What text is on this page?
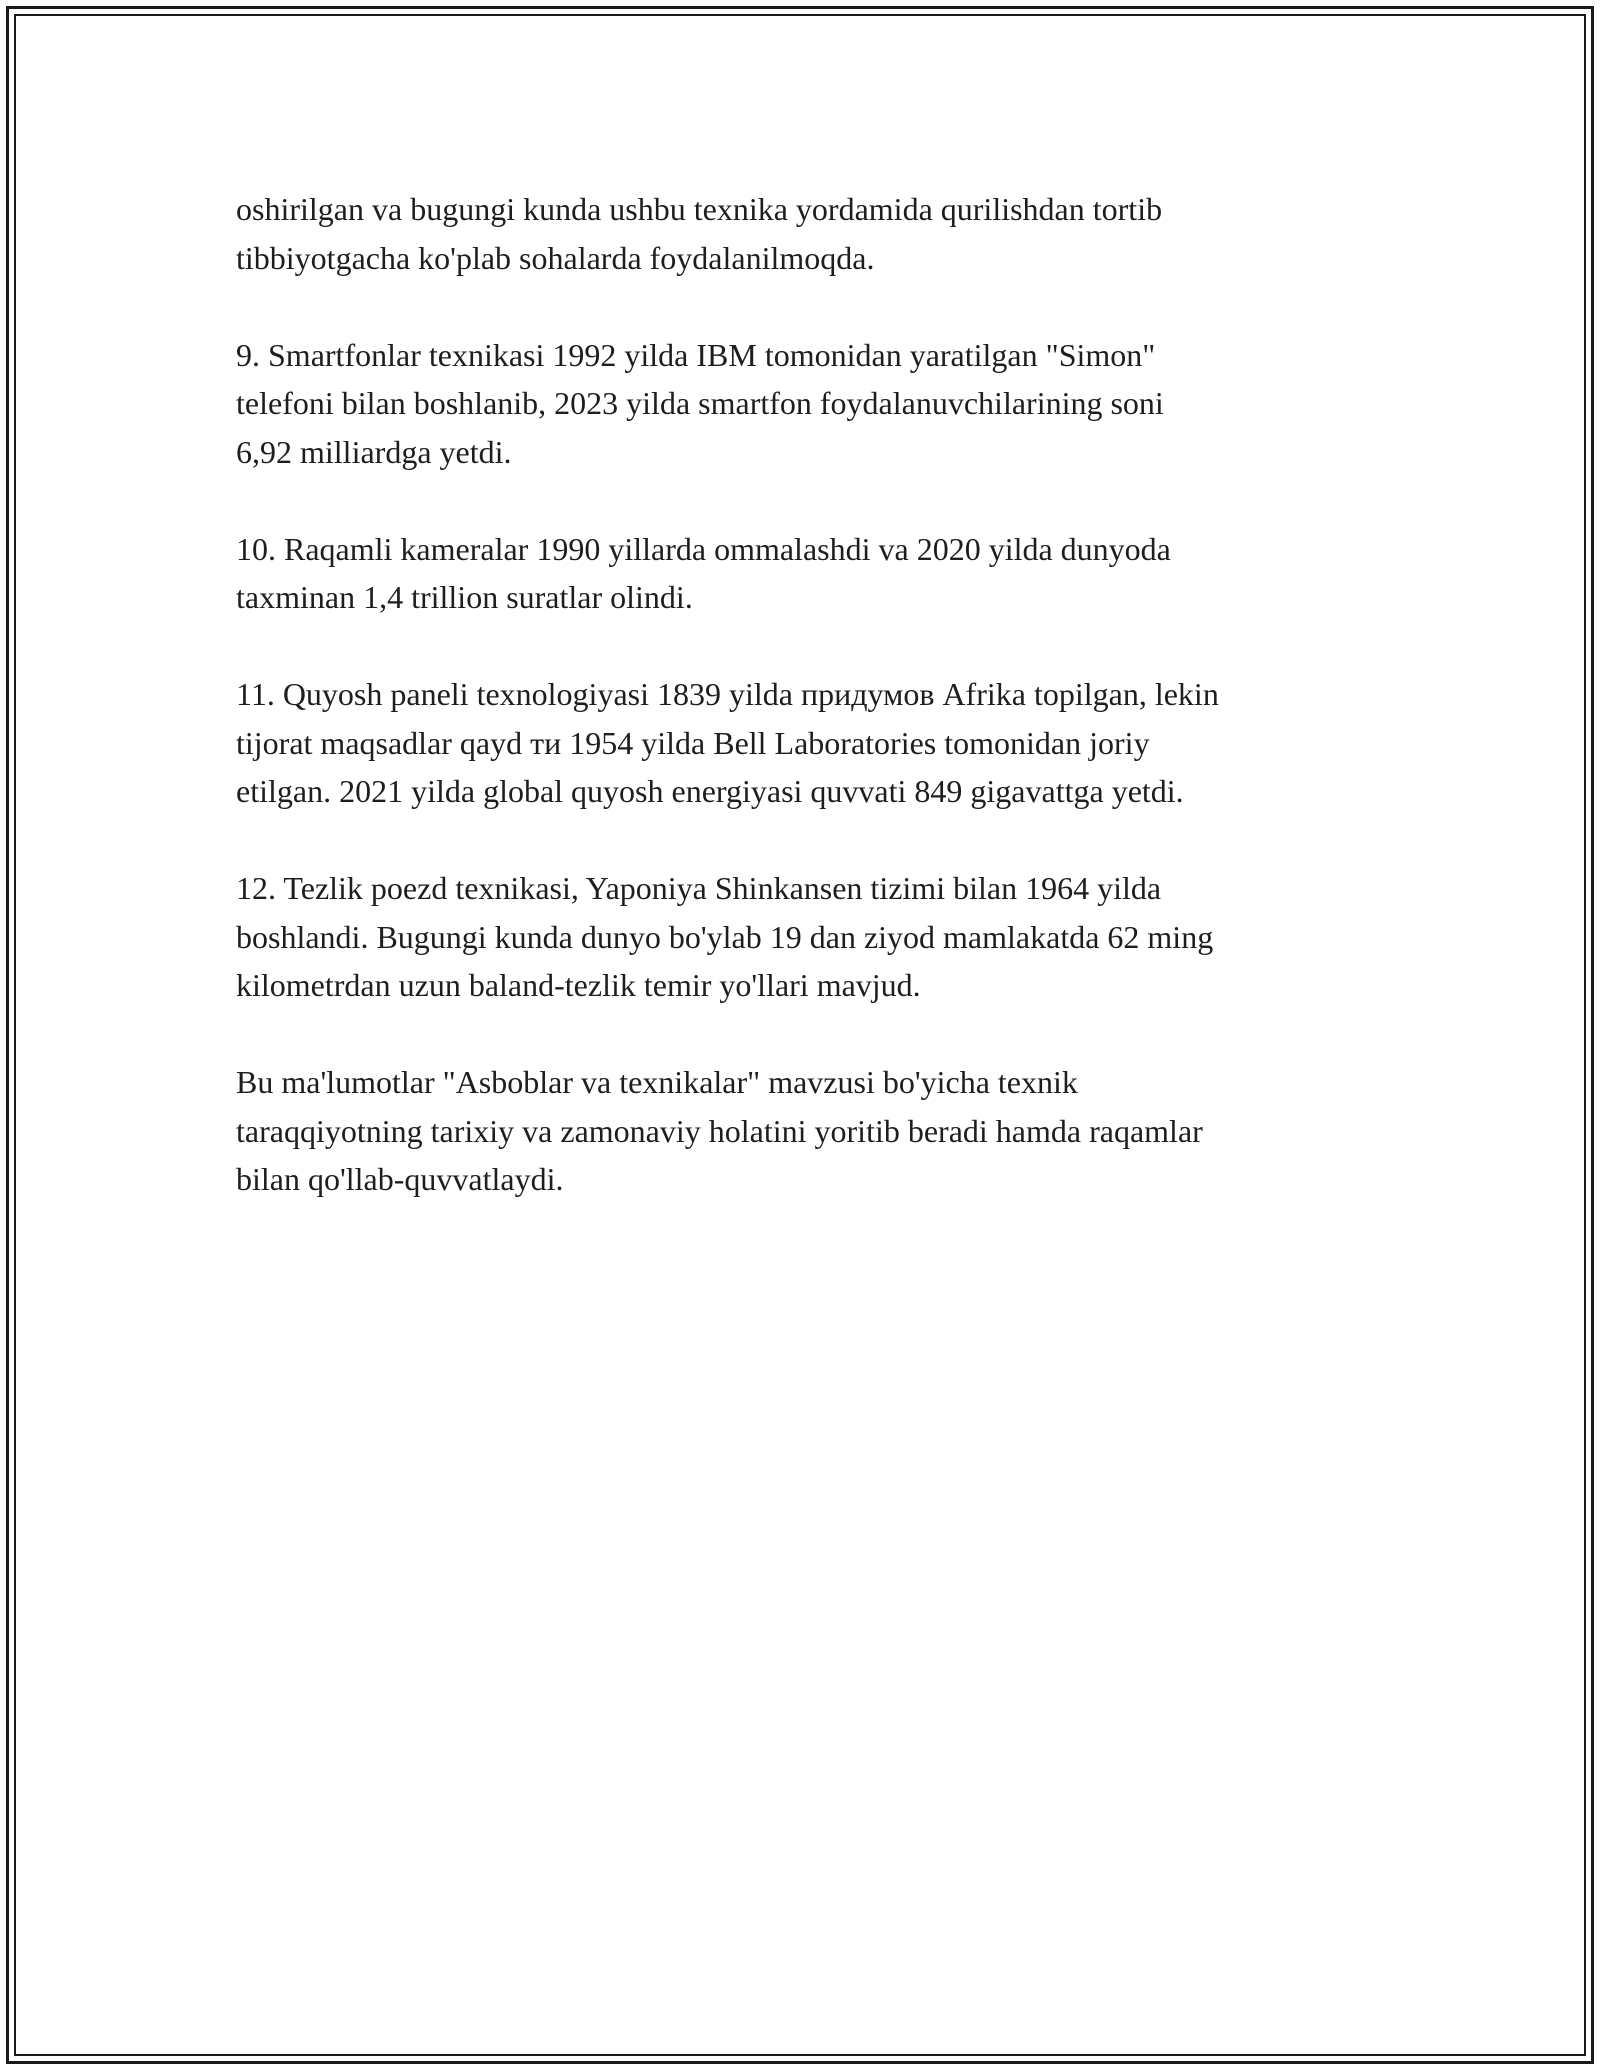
oshirilgan va bugungi kunda ushbu texnika yordamida qurilishdan tortib
tibbiyotgacha ko'plab sohalarda foydalanilmoqda.

9. Smartfonlar texnikasi 1992 yilda IBM tomonidan yaratilgan "Simon"
telefoni bilan boshlanib, 2023 yilda smartfon foydalanuvchilarining soni
6,92 milliardga yetdi.

10. Raqamli kameralar 1990 yillarda ommalashdi va 2020 yilda dunyoda
taxminan 1,4 trillion suratlar olindi.

11. Quyosh paneli texnologiyasi 1839 yilda придумов Afrika topilgan, lekin
tijorat maqsadlar qayd ти 1954 yilda Bell Laboratories tomonidan joriy
etilgan. 2021 yilda global quyosh energiyasi quvvati 849 gigavattga yetdi.

12. Tezlik poezd texnikasi, Yaponiya Shinkansen tizimi bilan 1964 yilda
boshlandi. Bugungi kunda dunyo bo'ylab 19 dan ziyod mamlakatda 62 ming
kilometrdan uzun baland-tezlik temir yo'llari mavjud.

Bu ma'lumotlar "Asboblar va texnikalar" mavzusi bo'yicha texnik
taraqqiyotning tarixiy va zamonaviy holatini yoritib beradi hamda raqamlar
bilan qo'llab-quvvatlaydi.
